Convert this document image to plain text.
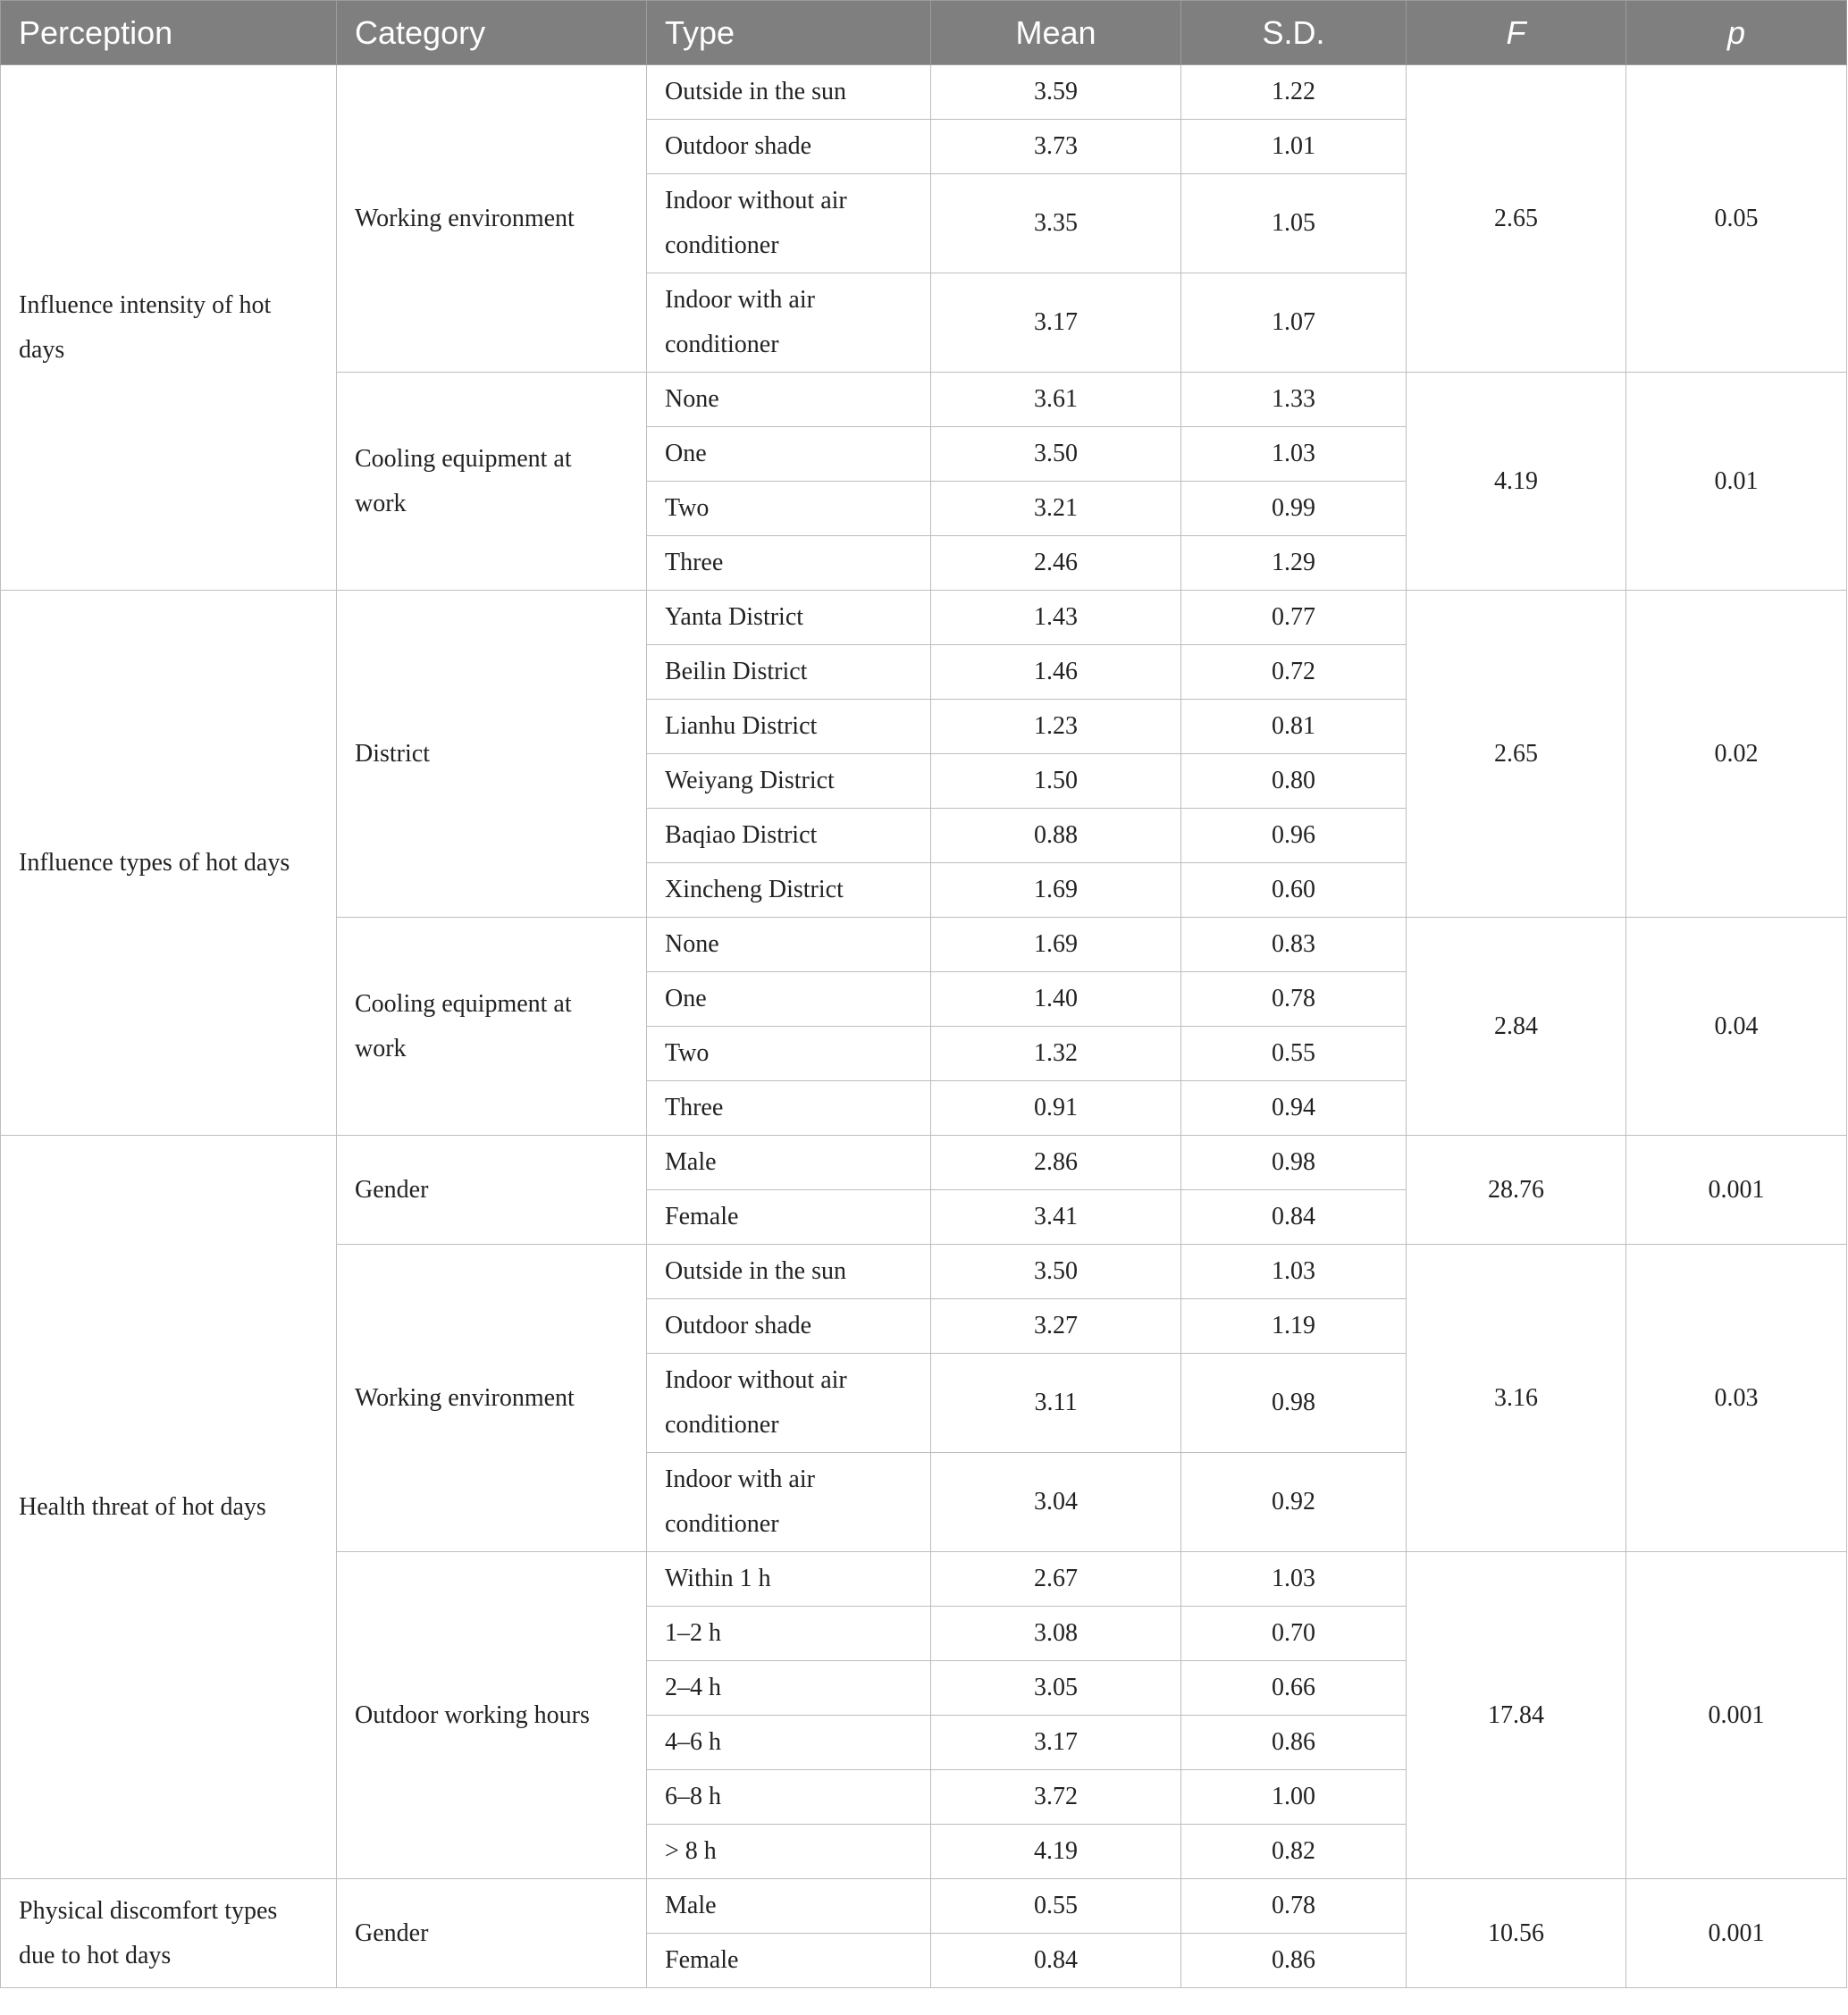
Perception	Category	Type	Mean	S.D.	F	p
Influence intensity of hot days	Working environment	Outside in the sun	3.59	1.22	2.65	0.05
		Outdoor shade	3.73	1.01		
		Indoor without air conditioner	3.35	1.05		
		Indoor with air conditioner	3.17	1.07		
	Cooling equipment at work	None	3.61	1.33	4.19	0.01
		One	3.50	1.03		
		Two	3.21	0.99		
		Three	2.46	1.29		
Influence types of hot days	District	Yanta District	1.43	0.77	2.65	0.02
		Beilin District	1.46	0.72		
		Lianhu District	1.23	0.81		
		Weiyang District	1.50	0.80		
		Baqiao District	0.88	0.96		
		Xincheng District	1.69	0.60		
	Cooling equipment at work	None	1.69	0.83	2.84	0.04
		One	1.40	0.78		
		Two	1.32	0.55		
		Three	0.91	0.94		
Health threat of hot days	Gender	Male	2.86	0.98	28.76	0.001
		Female	3.41	0.84		
	Working environment	Outside in the sun	3.50	1.03	3.16	0.03
		Outdoor shade	3.27	1.19		
		Indoor without air conditioner	3.11	0.98		
		Indoor with air conditioner	3.04	0.92		
	Outdoor working hours	Within 1 h	2.67	1.03	17.84	0.001
		1–2 h	3.08	0.70		
		2–4 h	3.05	0.66		
		4–6 h	3.17	0.86		
		6–8 h	3.72	1.00		
		> 8 h	4.19	0.82		
Physical discomfort types due to hot days	Gender	Male	0.55	0.78	10.56	0.001
		Female	0.84	0.86		
